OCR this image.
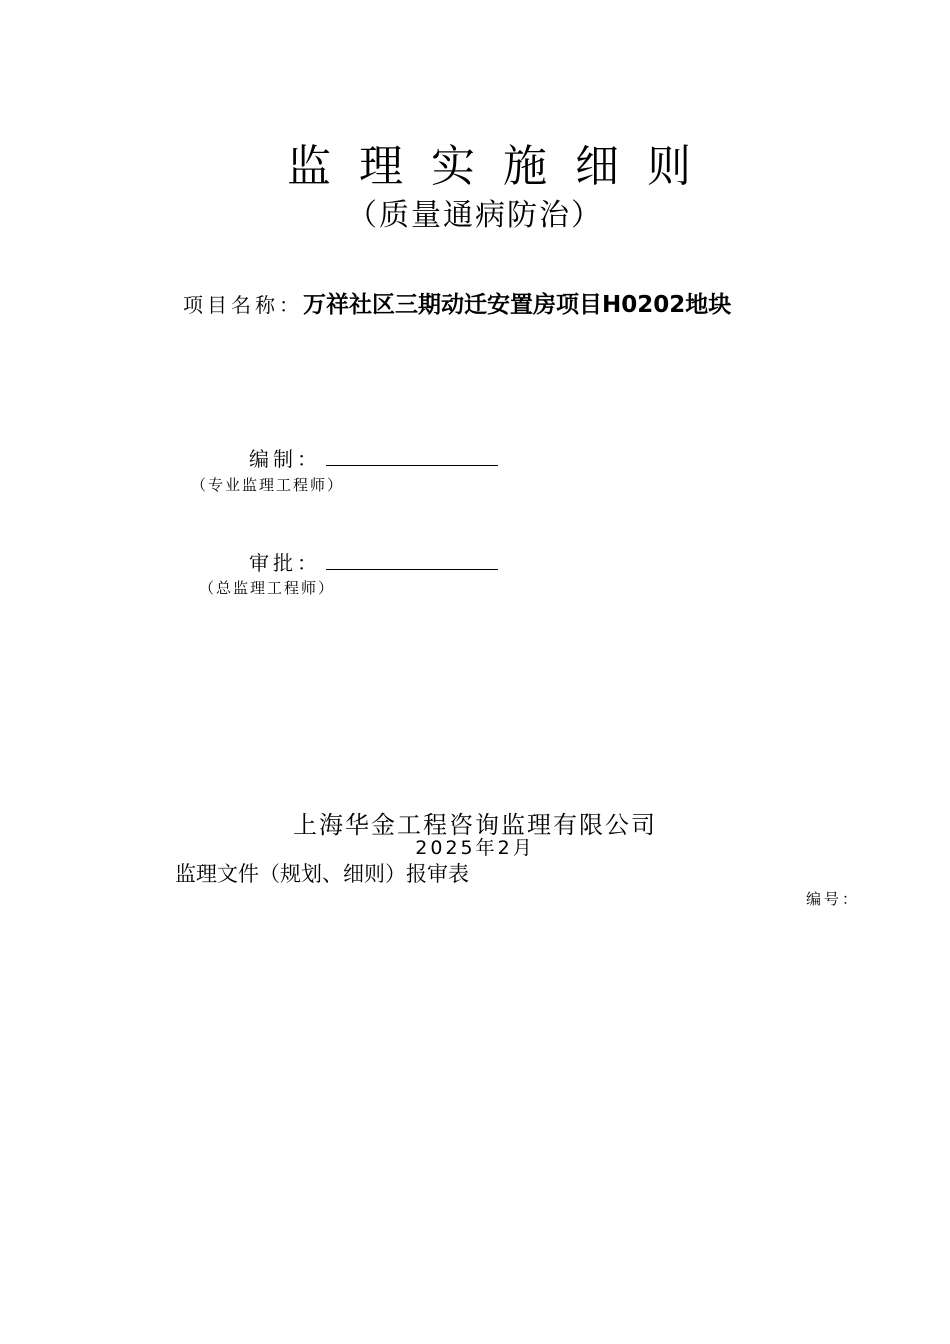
监理实施细则
（质量通病防治）
项目名称：万祥社区三期动迁安置房项目H0202地块
编制：
（专业监理工程师）
审批：
（总监理工程师）
上海华金工程咨询监理有限公司
2025年2月
监理文件（规划、细则）报审表
编号：
